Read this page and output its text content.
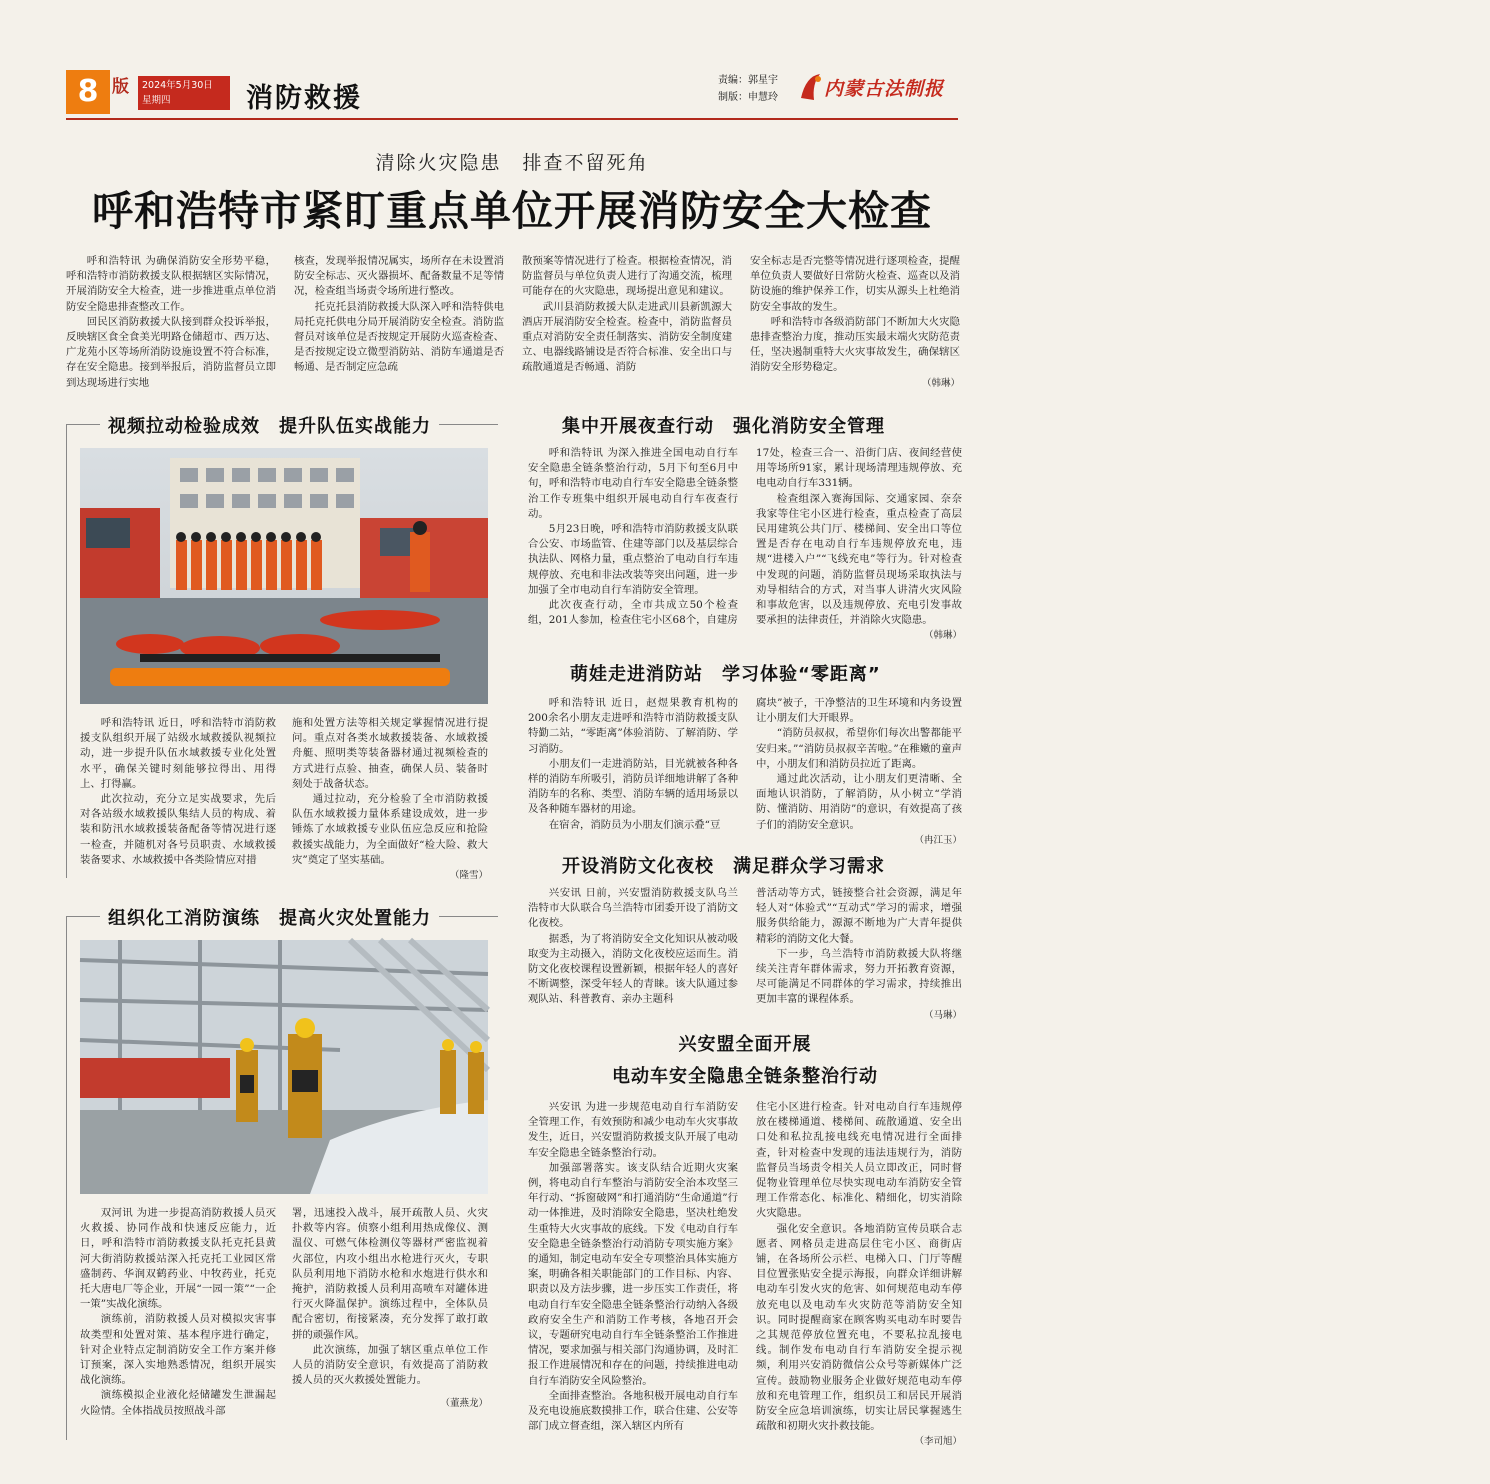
8 版 2024年5月30日
星期四	消防救援
责编：郭星宇
制版：申慧玲 内蒙古法制报
清除火灾隐患　排查不留死角
呼和浩特市紧盯重点单位开展消防安全大检查

呼和浩特讯 为确保消防安全形势平稳，呼和浩特市消防救援支队根据辖区实际情况，开展消防安全大检查，进一步推进重点单位消防安全隐患排查整改工作。

回民区消防救援大队接到群众投诉举报，反映辖区食全食美光明路仓储超市、西万达、广龙苑小区等场所消防设施设置不符合标准，存在安全隐患。接到举报后，消防监督员立即到达现场进行实地

核查，发现举报情况属实，场所存在未设置消防安全标志、灭火器损坏、配备数量不足等情况，检查组当场责令场所进行整改。

托克托县消防救援大队深入呼和浩特供电局托克托供电分局开展消防安全检查。消防监督员对该单位是否按规定开展防火巡查检查、是否按规定设立微型消防站、消防车通道是否畅通、是否制定应急疏

散预案等情况进行了检查。根据检查情况，消防监督员与单位负责人进行了沟通交流，梳理可能存在的火灾隐患，现场提出意见和建议。

武川县消防救援大队走进武川县新凯源大酒店开展消防安全检查。检查中，消防监督员重点对消防安全责任制落实、消防安全制度建立、电器线路铺设是否符合标准、安全出口与疏散通道是否畅通、消防

安全标志是否完整等情况进行逐项检查，提醒单位负责人要做好日常防火检查、巡查以及消防设施的维护保养工作，切实从源头上杜绝消防安全事故的发生。

呼和浩特市各级消防部门不断加大火灾隐患排查整治力度，推动压实最末端火灾防范责任，坚决遏制重特大火灾事故发生，确保辖区消防安全形势稳定。

（韩琳）
视频拉动检验成效　提升队伍实战能力

呼和浩特讯 近日，呼和浩特市消防救援支队组织开展了站级水域救援队视频拉动，进一步提升队伍水域救援专业化处置水平，确保关键时刻能够拉得出、用得上、打得赢。

此次拉动，充分立足实战要求，先后对各站级水域救援队集结人员的构成、着装和防汛水域救援装备配备等情况进行逐一检查，并随机对各号员职责、水域救援装备要求、水域救援中各类险情应对措

施和处置方法等相关规定掌握情况进行提问。重点对各类水域救援装备、水域救援舟艇、照明类等装备器材通过视频检查的方式进行点验、抽查，确保人员、装备时刻处于战备状态。

通过拉动，充分检验了全市消防救援队伍水域救援力量体系建设成效，进一步锤炼了水域救援专业队伍应急反应和抢险救援实战能力，为全面做好“检大险、救大灾”奠定了坚实基础。

（隆雪）
集中开展夜查行动　强化消防安全管理

呼和浩特讯 为深入推进全国电动自行车安全隐患全链条整治行动，5月下旬至6月中旬，呼和浩特市电动自行车安全隐患全链条整治工作专班集中组织开展电动自行车夜查行动。

5月23日晚，呼和浩特市消防救援支队联合公安、市场监管、住建等部门以及基层综合执法队、网格力量，重点整治了电动自行车违规停放、充电和非法改装等突出问题，进一步加强了全市电动自行车消防安全管理。

此次夜查行动，全市共成立50个检查组，201人参加，检查住宅小区68个，自建房

17处，检查三合一、沿街门店、夜间经营使用等场所91家，累计现场清理违规停放、充电电动自行车331辆。

检查组深入赛海国际、交通家园、奈奈我家等住宅小区进行检查，重点检查了高层民用建筑公共门厅、楼梯间、安全出口等位置是否存在电动自行车违规停放充电，违规“进楼入户”“飞线充电”等行为。针对检查中发现的问题，消防监督员现场采取执法与劝导相结合的方式，对当事人讲清火灾风险和事故危害，以及违规停放、充电引发事故要承担的法律责任，并消除火灾隐患。

（韩琳）
萌娃走进消防站　学习体验“零距离”

呼和浩特讯 近日，赵煜果教育机构的200余名小朋友走进呼和浩特市消防救援支队特勤二站，“零距离”体验消防、了解消防、学习消防。

小朋友们一走进消防站，目光就被各种各样的消防车所吸引，消防员详细地讲解了各种消防车的名称、类型、消防车辆的适用场景以及各种随车器材的用途。

在宿舍，消防员为小朋友们演示叠“豆

腐块”被子，干净整洁的卫生环境和内务设置让小朋友们大开眼界。

“消防员叔叔，希望你们每次出警都能平安归来。”“消防员叔叔辛苦啦。”在稚嫩的童声中，小朋友们和消防员拉近了距离。

通过此次活动，让小朋友们更清晰、全面地认识消防，了解消防，从小树立“学消防、懂消防、用消防”的意识，有效提高了孩子们的消防安全意识。

（冉江玉）
开设消防文化夜校　满足群众学习需求

兴安讯 日前，兴安盟消防救援支队乌兰浩特市大队联合乌兰浩特市团委开设了消防文化夜校。

据悉，为了将消防安全文化知识从被动吸取变为主动摄入，消防文化夜校应运而生。消防文化夜校课程设置新颖，根据年轻人的喜好不断调整，深受年轻人的青睐。该大队通过参观队站、科普教育、亲办主题科

普活动等方式，链接整合社会资源，满足年轻人对“体验式”“互动式”学习的需求，增强服务供给能力，源源不断地为广大青年提供精彩的消防文化大餐。

下一步，乌兰浩特市消防救援大队将继续关注青年群体需求，努力开拓教育资源，尽可能满足不同群体的学习需求，持续推出更加丰富的课程体系。

（马琳）
组织化工消防演练　提高火灾处置能力

双河讯 为进一步提高消防救援人员灭火救援、协同作战和快速反应能力，近日，呼和浩特市消防救援支队托克托县黄河大街消防救援站深入托克托工业园区常盛制药、华润双鹤药业、中牧药业，托克托大唐电厂等企业，开展“一园一策”“一企一策”实战化演练。

演练前，消防救援人员对模拟灾害事故类型和处置对策、基本程序进行确定，针对企业特点定制消防安全工作方案并修订预案，深入实地熟悉情况，组织开展实战化演练。

演练模拟企业液化烃储罐发生泄漏起火险情。全体指战员按照战斗部

署，迅速投入战斗，展开疏散人员、火灾扑救等内容。侦察小组利用热成像仪、测温仪、可燃气体检测仪等器材严密监视着火部位，内攻小组出水枪进行灭火，专职队员利用地下消防水枪和水炮进行供水和掩护，消防救援人员利用高喷车对罐体进行灭火降温保护。演练过程中，全体队员配合密切，衔接紧凑，充分发挥了敢打敢拼的顽强作风。

此次演练，加强了辖区重点单位工作人员的消防安全意识，有效提高了消防救援人员的灭火救援处置能力。

（董燕龙）
兴安盟全面开展
电动车安全隐患全链条整治行动

兴安讯 为进一步规范电动自行车消防安全管理工作，有效预防和减少电动车火灾事故发生，近日，兴安盟消防救援支队开展了电动车安全隐患全链条整治行动。

加强部署落实。该支队结合近期火灾案例，将电动自行车整治与消防安全治本攻坚三年行动、“拆窗破网”和打通消防“生命通道”行动一体推进，及时消除安全隐患，坚决杜绝发生重特大火灾事故的底线。下发《电动自行车安全隐患全链条整治行动消防专项实施方案》的通知，制定电动车安全专项整治具体实施方案，明确各相关职能部门的工作目标、内容、职责以及方法步骤，进一步压实工作责任，将电动自行车安全隐患全链条整治行动纳入各级政府安全生产和消防工作考核，各地召开会议，专题研究电动自行车全链条整治工作推进情况，要求加强与相关部门沟通协调，及时汇报工作进展情况和存在的问题，持续推进电动自行车消防安全风险整治。

全面排查整治。各地积极开展电动自行车及充电设施底数摸排工作，联合住建、公安等部门成立督查组，深入辖区内所有

住宅小区进行检查。针对电动自行车违规停放在楼梯通道、楼梯间、疏散通道、安全出口处和私拉乱接电线充电情况进行全面排查，针对检查中发现的违法违规行为，消防监督员当场责令相关人员立即改正，同时督促物业管理单位尽快实现电动车消防安全管理工作常态化、标准化、精细化，切实消除火灾隐患。

强化安全意识。各地消防宣传员联合志愿者、网格员走进高层住宅小区、商街店铺，在各场所公示栏、电梯入口、门厅等醒目位置张贴安全提示海报，向群众详细讲解电动车引发火灾的危害、如何规范电动车停放充电以及电动车火灾防范等消防安全知识。同时提醒商家在顾客购买电动车时要告之其规范停放位置充电，不要私拉乱接电线。制作发布电动自行车消防安全提示视频，利用兴安消防微信公众号等新媒体广泛宣传。鼓励物业服务企业做好规范电动车停放和充电管理工作，组织员工和居民开展消防安全应急培训演练，切实让居民掌握逃生疏散和初期火灾扑救技能。

（李司旭）
